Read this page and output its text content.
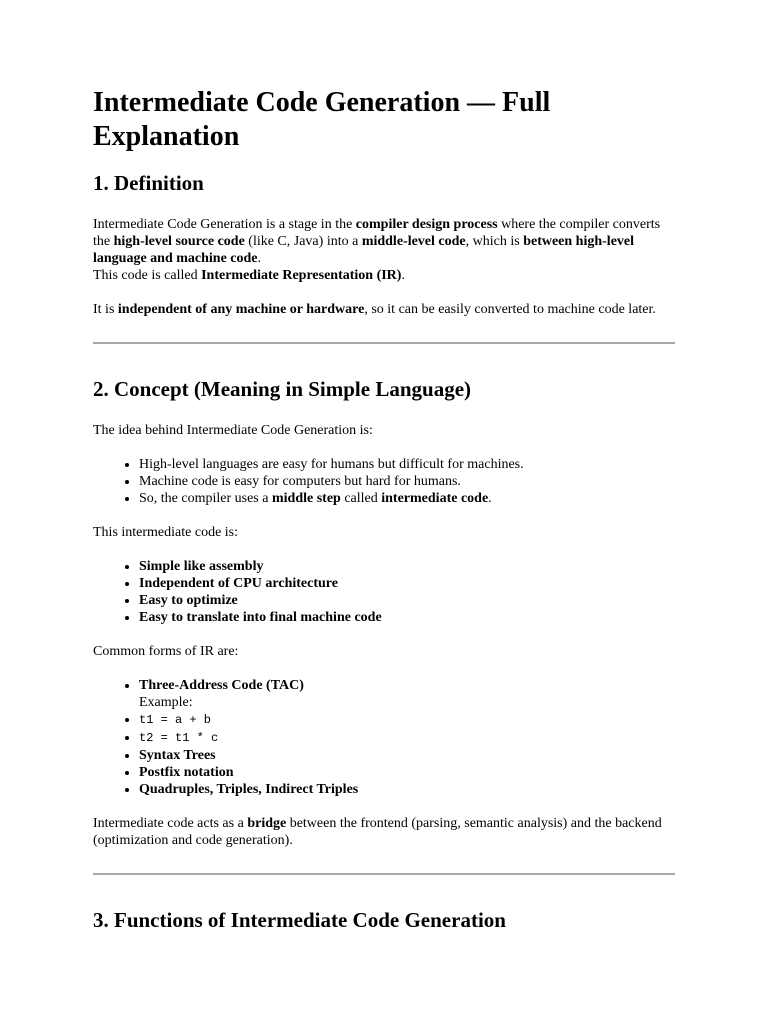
Intermediate Code Generation — Full Explanation
1. Definition

Intermediate Code Generation is a stage in the compiler design process where the compiler converts the high-level source code (like C, Java) into a middle-level code, which is between high-level language and machine code.
This code is called Intermediate Representation (IR).

It is independent of any machine or hardware, so it can be easily converted to machine code later.

2. Concept (Meaning in Simple Language)

The idea behind Intermediate Code Generation is:

• High-level languages are easy for humans but difficult for machines.
• Machine code is easy for computers but hard for humans.
• So, the compiler uses a middle step called intermediate code.

This intermediate code is:

• Simple like assembly
• Independent of CPU architecture
• Easy to optimize
• Easy to translate into final machine code

Common forms of IR are:

• Three-Address Code (TAC)
Example:
• t1 = a + b
• t2 = t1 * c
• Syntax Trees
• Postfix notation
• Quadruples, Triples, Indirect Triples

Intermediate code acts as a bridge between the frontend (parsing, semantic analysis) and the backend (optimization and code generation).

3. Functions of Intermediate Code Generation
